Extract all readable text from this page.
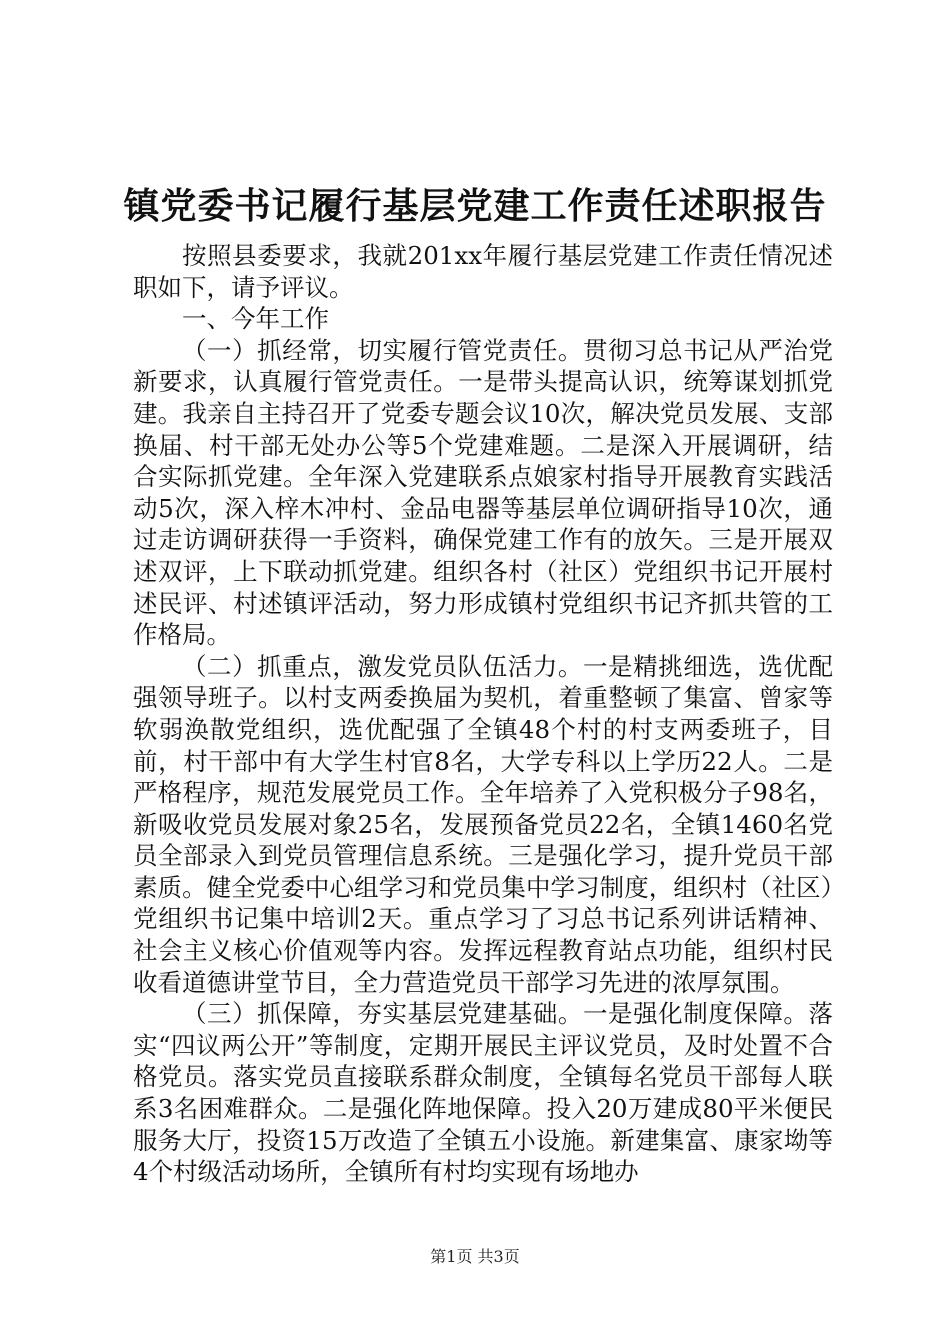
镇党委书记履行基层党建工作责任述职报告

按照县委要求，我就201xx年履行基层党建工作责任情况述职如下，请予评议。

一、今年工作

（一）抓经常，切实履行管党责任。贯彻习总书记从严治党新要求，认真履行管党责任。一是带头提高认识，统筹谋划抓党建。我亲自主持召开了党委专题会议10次，解决党员发展、支部换届、村干部无处办公等5个党建难题。二是深入开展调研，结合实际抓党建。全年深入党建联系点娘家村指导开展教育实践活动5次，深入梓木冲村、金品电器等基层单位调研指导10次，通过走访调研获得一手资料，确保党建工作有的放矢。三是开展双述双评，上下联动抓党建。组织各村（社区）党组织书记开展村述民评、村述镇评活动，努力形成镇村党组织书记齐抓共管的工作格局。

（二）抓重点，激发党员队伍活力。一是精挑细选，选优配强领导班子。以村支两委换届为契机，着重整顿了集富、曾家等软弱涣散党组织，选优配强了全镇48个村的村支两委班子，目前，村干部中有大学生村官8名，大学专科以上学历22人。二是严格程序，规范发展党员工作。全年培养了入党积极分子98名，新吸收党员发展对象25名，发展预备党员22名，全镇1460名党员全部录入到党员管理信息系统。三是强化学习，提升党员干部素质。健全党委中心组学习和党员集中学习制度，组织村（社区）党组织书记集中培训2天。重点学习了习总书记系列讲话精神、社会主义核心价值观等内容。发挥远程教育站点功能，组织村民收看道德讲堂节目，全力营造党员干部学习先进的浓厚氛围。

（三）抓保障，夯实基层党建基础。一是强化制度保障。落实“四议两公开”等制度，定期开展民主评议党员，及时处置不合格党员。落实党员直接联系群众制度，全镇每名党员干部每人联系3名困难群众。二是强化阵地保障。投入20万建成80平米便民服务大厅，投资15万改造了全镇五小设施。新建集富、康家坳等4个村级活动场所，全镇所有村均实现有场地办

第1页 共3页
